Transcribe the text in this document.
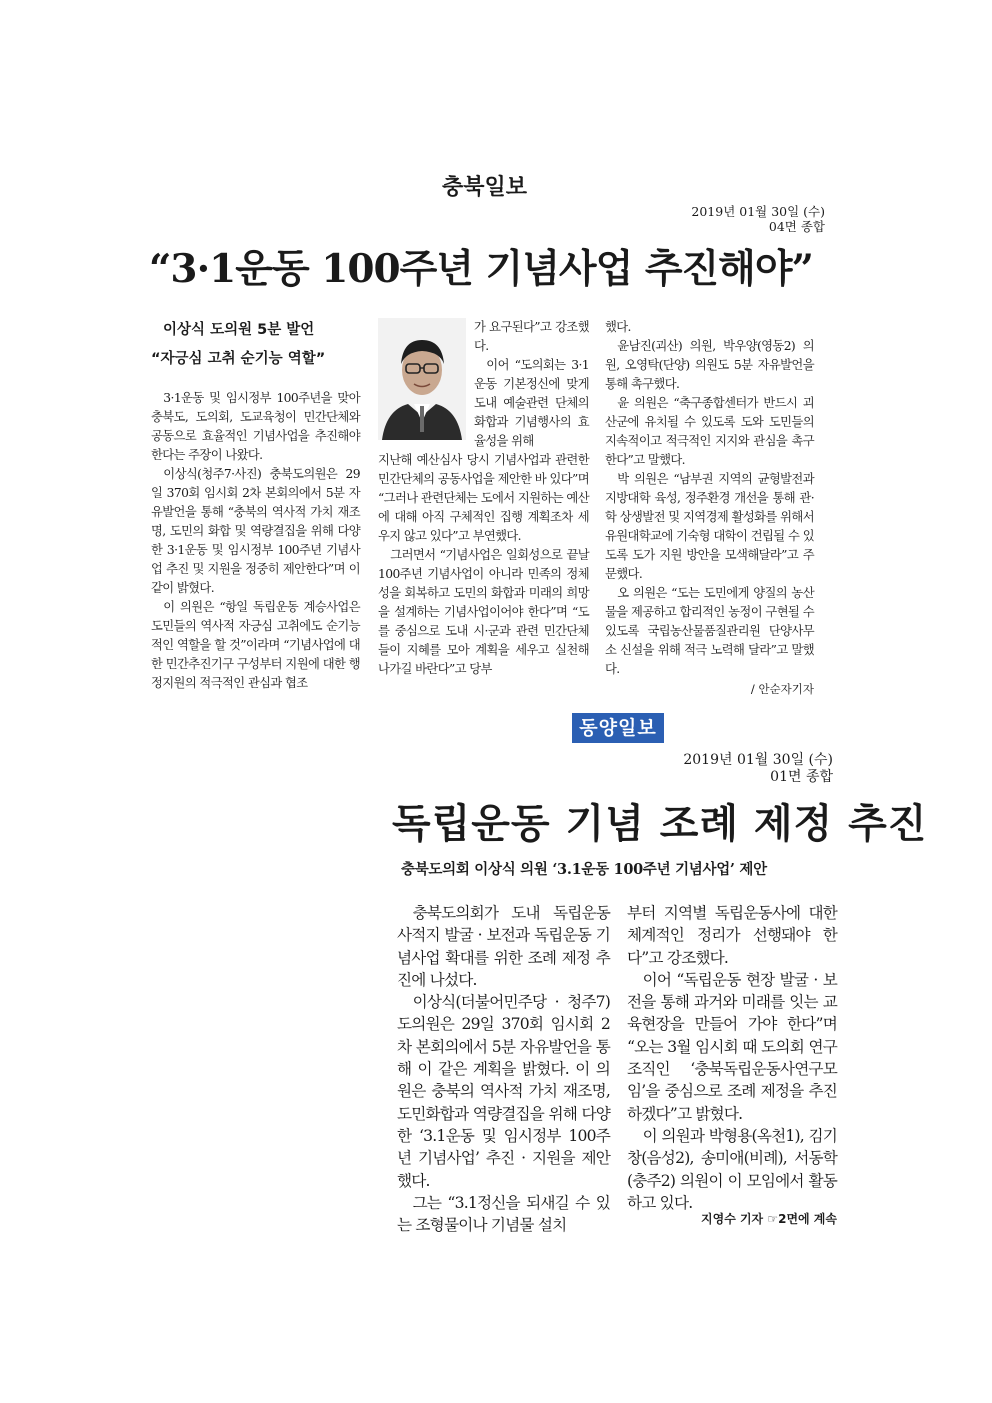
충북일보
2019년 01월 30일 (수)
04면 종합
“3·1운동 100주년 기념사업 추진해야”
이상식 도의원 5분 발언
“자긍심 고취 순기능 역할”

3·1운동 및 임시정부 100주년을 맞아 충북도, 도의회, 도교육청이 민간단체와 공동으로 효율적인 기념사업을 추진해야 한다는 주장이 나왔다.

이상식(청주7·사진) 충북도의원은 29일 370회 임시회 2차 본회의에서 5분 자유발언을 통해 “충북의 역사적 가치 재조명, 도민의 화합 및 역량결집을 위해 다양한 3·1운동 및 임시정부 100주년 기념사업 추진 및 지원을 정중히 제안한다”며 이같이 밝혔다.

이 의원은 “항일 독립운동 계승사업은 도민들의 역사적 자긍심 고취에도 순기능적인 역할을 할 것”이라며 “기념사업에 대한 민간추진기구 구성부터 지원에 대한 행정지원의 적극적인 관심과 협조

가 요구된다”고 강조했다.

이어 “도의회는 3·1운동 기본정신에 맞게 도내 예술관련 단체의 화합과 기념행사의 효율성을 위해

지난해 예산심사 당시 기념사업과 관련한 민간단체의 공동사업을 제안한 바 있다”며 “그러나 관련단체는 도에서 지원하는 예산에 대해 아직 구체적인 집행 계획조차 세우지 않고 있다”고 부연했다.

그러면서 “기념사업은 일회성으로 끝날 100주년 기념사업이 아니라 민족의 정체성을 회복하고 도민의 화합과 미래의 희망을 설계하는 기념사업이어야 한다”며 “도를 중심으로 도내 시·군과 관련 민간단체들이 지혜를 모아 계획을 세우고 실천해 나가길 바란다”고 당부

했다.

윤남진(괴산) 의원, 박우양(영동2) 의원, 오영탁(단양) 의원도 5분 자유발언을 통해 촉구했다.

윤 의원은 “축구종합센터가 반드시 괴산군에 유치될 수 있도록 도와 도민들의 지속적이고 적극적인 지지와 관심을 촉구한다”고 말했다.

박 의원은 “남부권 지역의 균형발전과 지방대학 육성, 정주환경 개선을 통해 관·학 상생발전 및 지역경제 활성화를 위해서 유원대학교에 기숙형 대학이 건립될 수 있도록 도가 지원 방안을 모색해달라”고 주문했다.

오 의원은 “도는 도민에게 양질의 농산물을 제공하고 합리적인 농정이 구현될 수 있도록 국립농산물품질관리원 단양사무소 신설을 위해 적극 노력해 달라”고 말했다.

/ 안순자기자
동양일보
2019년 01월 30일 (수)
01면 종합
독립운동 기념 조례 제정 추진
충북도의회 이상식 의원 ‘3.1운동 100주년 기념사업’ 제안

충북도의회가 도내 독립운동 사적지 발굴 · 보전과 독립운동 기념사업 확대를 위한 조례 제정 추진에 나섰다.

이상식(더불어민주당 · 청주7) 도의원은 29일 370회 임시회 2차 본회의에서 5분 자유발언을 통해 이 같은 계획을 밝혔다. 이 의원은 충북의 역사적 가치 재조명, 도민화합과 역량결집을 위해 다양한 ‘3.1운동 및 임시정부 100주년 기념사업’ 추진 · 지원을 제안했다.

그는 “3.1정신을 되새길 수 있는 조형물이나 기념물 설치

부터 지역별 독립운동사에 대한 체계적인 정리가 선행돼야 한다”고 강조했다.

이어 “독립운동 현장 발굴 · 보전을 통해 과거와 미래를 잇는 교육현장을 만들어 가야 한다”며 “오는 3월 임시회 때 도의회 연구조직인 ‘충북독립운동사연구모임’을 중심으로 조례 제정을 추진하겠다”고 밝혔다.

이 의원과 박형용(옥천1), 김기창(음성2), 송미애(비례), 서동학(충주2) 의원이 이 모임에서 활동하고 있다.

지영수 기자 ☞2면에 계속
